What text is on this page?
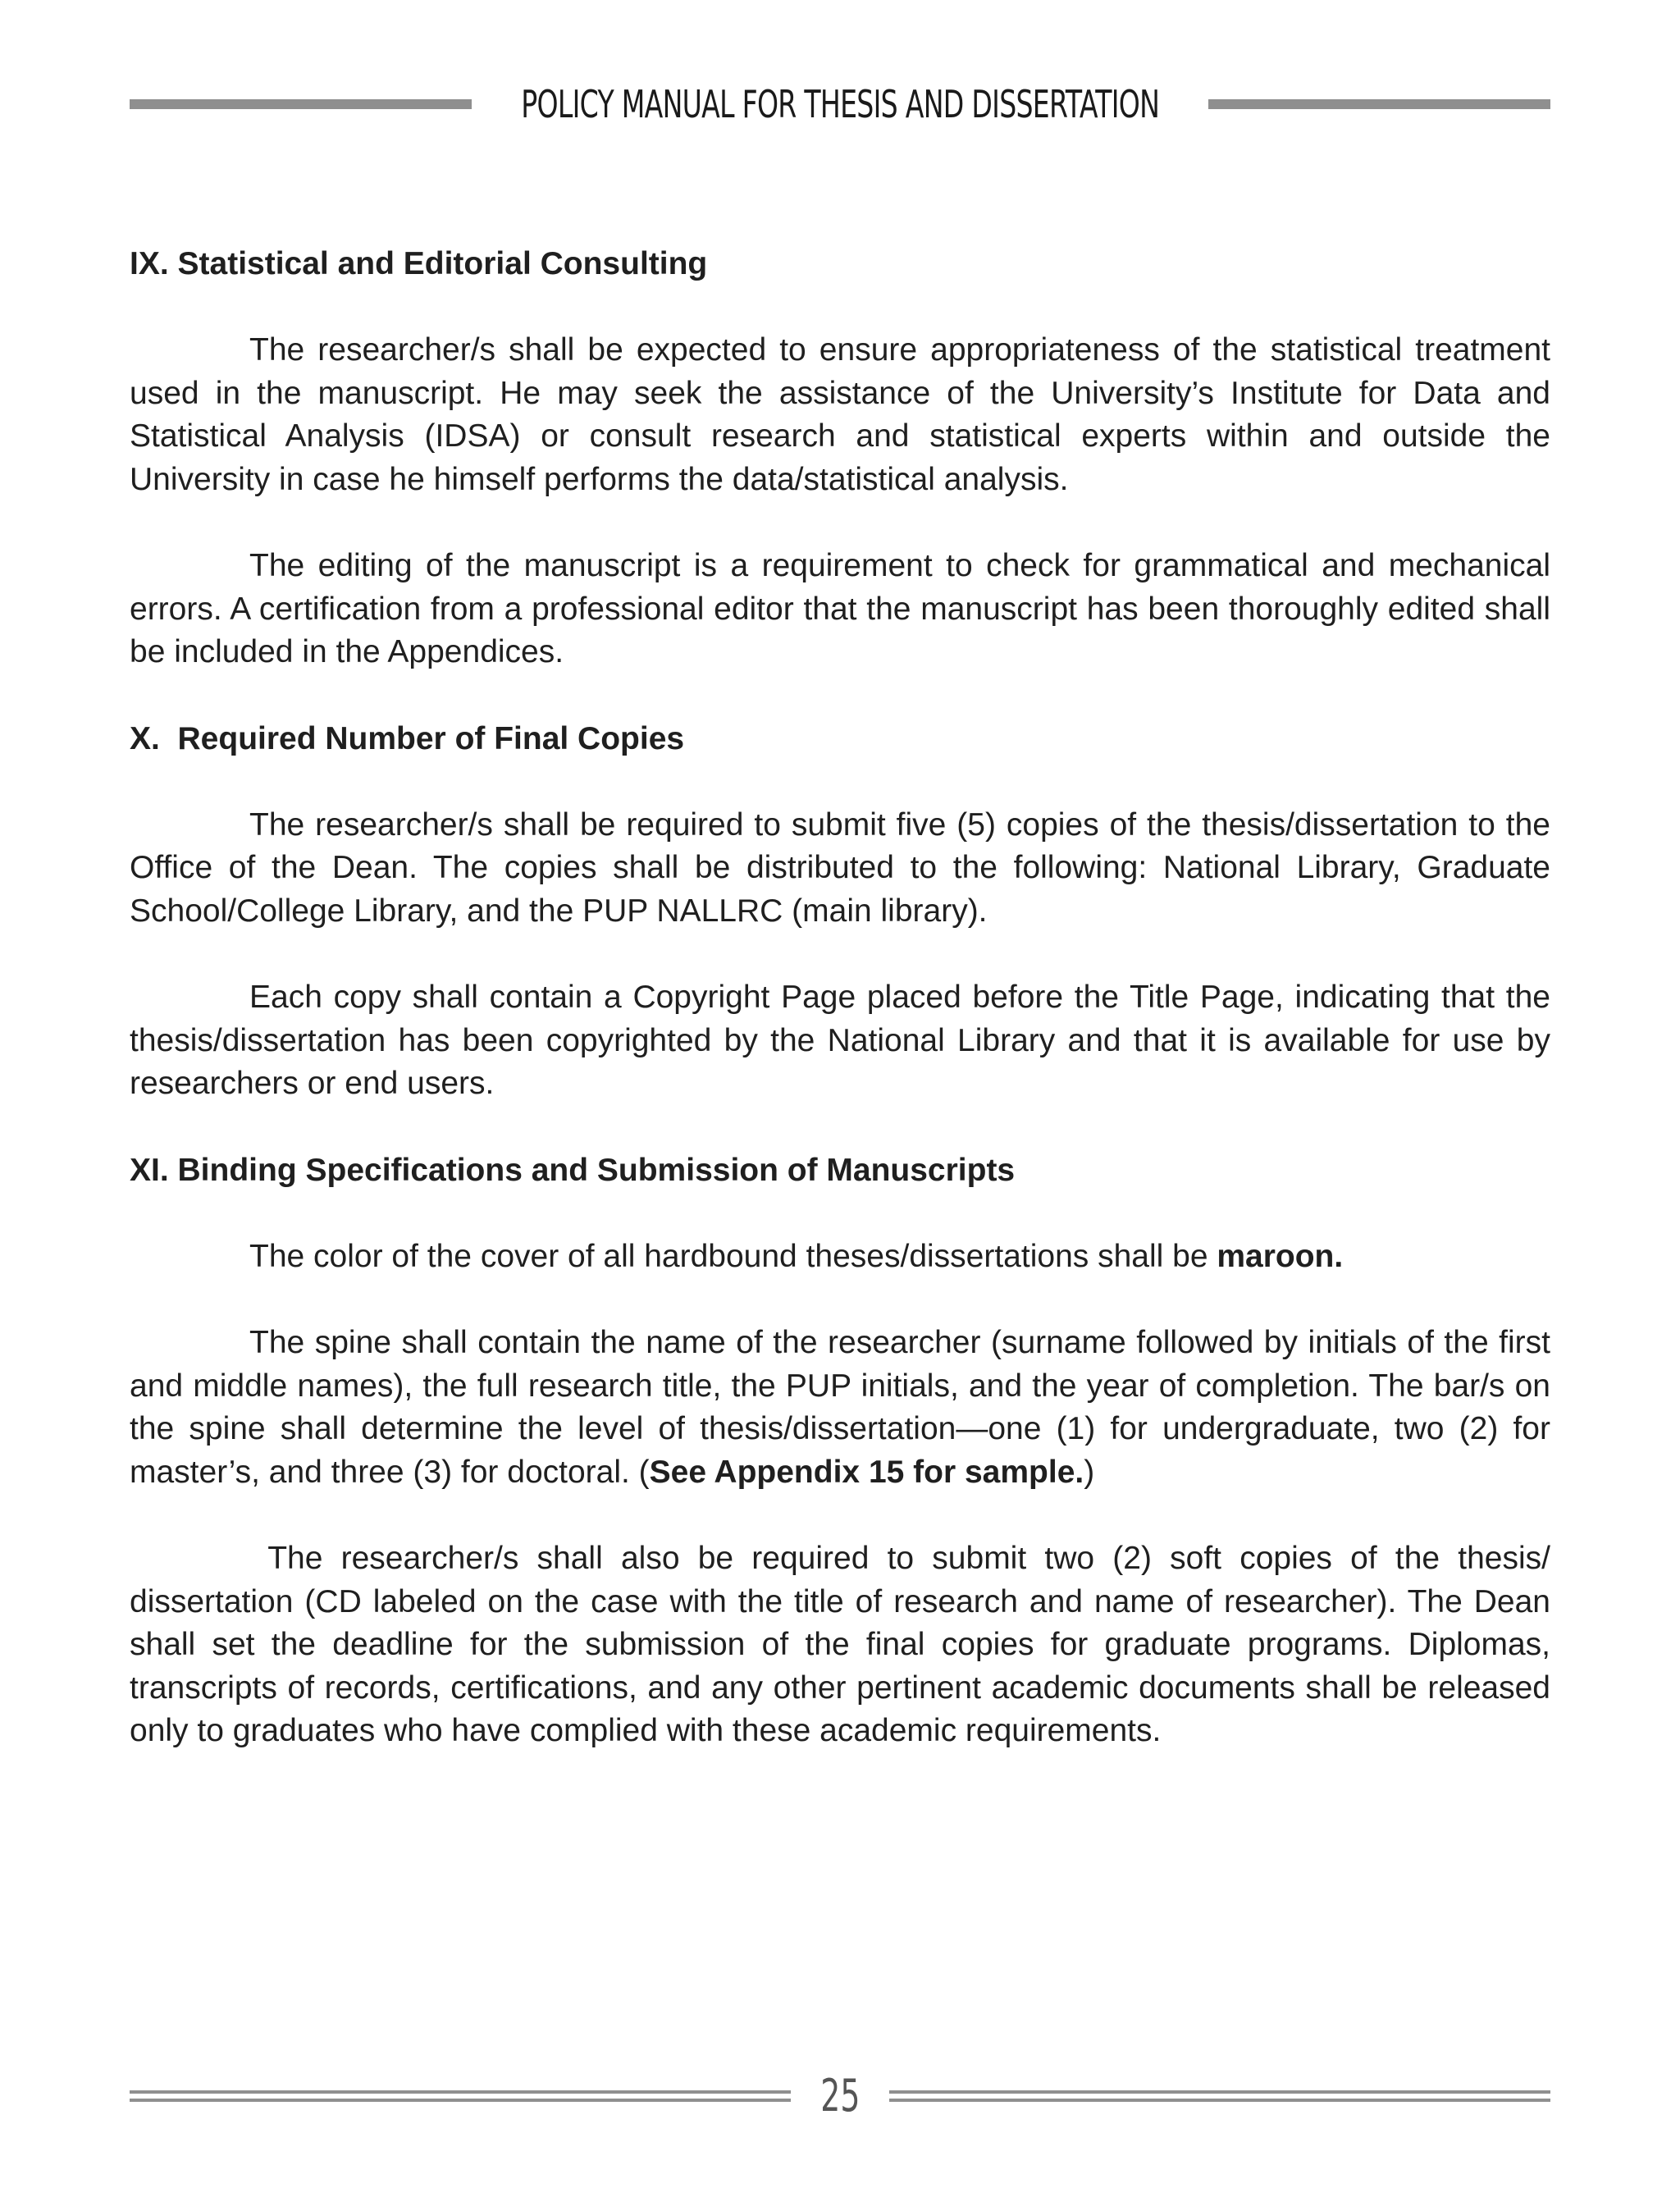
POLICY MANUAL FOR THESIS AND DISSERTATION
IX. Statistical and Editorial Consulting

The researcher/s shall be expected to ensure appropriateness of the statistical treatment used in the manuscript. He may seek the assistance of the University’s Institute for Data and Statistical Analysis (IDSA) or consult research and statistical experts within and outside the University in case he himself performs the data/statistical analysis.

The editing of the manuscript is a requirement to check for grammatical and mechanical errors. A certification from a professional editor that the manuscript has been thoroughly edited shall be included in the Appendices.

X.  Required Number of Final Copies

The researcher/s shall be required to submit five (5) copies of the thesis/dissertation to the Office of the Dean. The copies shall be distributed to the following: National Library, Graduate School/College Library, and the PUP NALLRC (main library).

Each copy shall contain a Copyright Page placed before the Title Page, indicating that the thesis/dissertation has been copyrighted by the National Library and that it is available for use by researchers or end users.

XI. Binding Specifications and Submission of Manuscripts

The color of the cover of all hardbound theses/dissertations shall be maroon.

The spine shall contain the name of the researcher (surname followed by initials of the first and middle names), the full research title, the PUP initials, and the year of completion. The bar/s on the spine shall determine the level of thesis/dissertation—one (1) for undergraduate, two (2) for master’s, and three (3) for doctoral. (See Appendix 15 for sample.)

The researcher/s shall also be required to submit two (2) soft copies of the thesis/ dissertation (CD labeled on the case with the title of research and name of researcher). The Dean shall set the deadline for the submission of the final copies for graduate programs. Diplomas, transcripts of records, certifications, and any other pertinent academic documents shall be released only to graduates who have complied with these academic requirements.

25
